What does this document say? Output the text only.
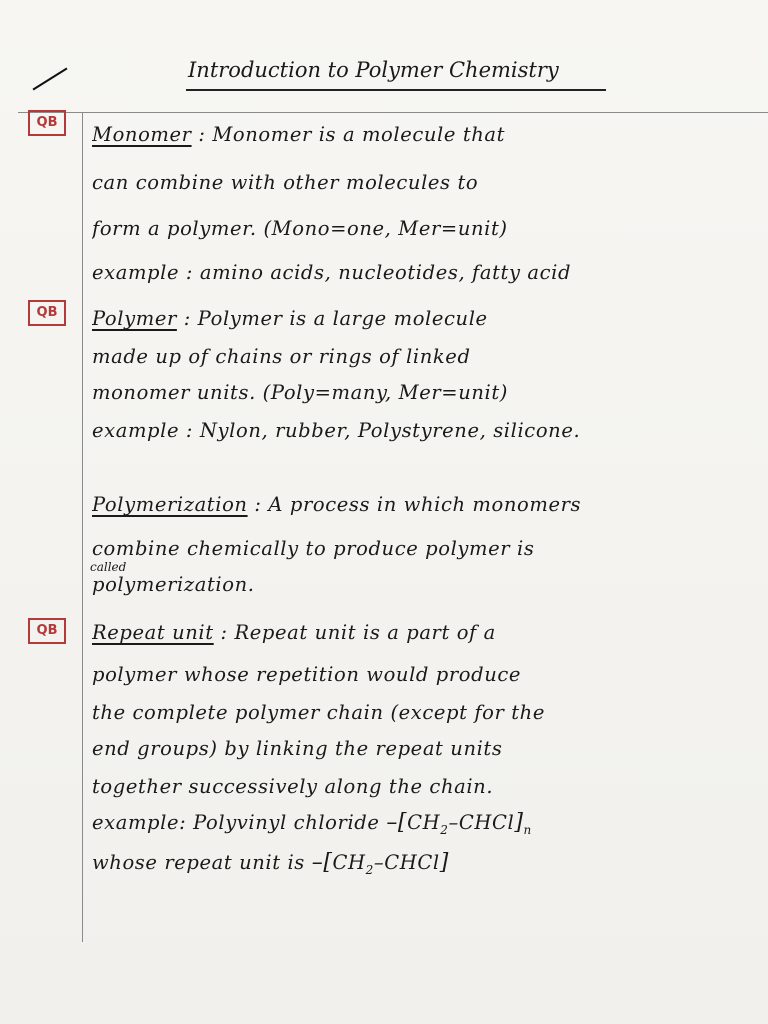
Introduction to Polymer Chemistry
QB
Monomer : Monomer is a molecule that
can combine with other molecules to
form a polymer. (Mono=one, Mer=unit)
example : amino acids, nucleotides, fatty acid
QB	Polymer : Polymer is a large molecule
made up of chains or rings of linked
monomer units. (Poly=many, Mer=unit)
example : Nylon, rubber, Polystyrene, silicone.
Polymerization : A process in which monomers
combine chemically to produce polymer is
called
polymerization.
QB	Repeat unit : Repeat unit is a part of a
polymer whose repetition would produce
the complete polymer chain (except for the
end groups) by linking the repeat units
together successively along the chain.
example: Polyvinyl chloride $-[CH_2-CHCl]_n$
whose repeat unit is $-[CH_2-CHCl]$
